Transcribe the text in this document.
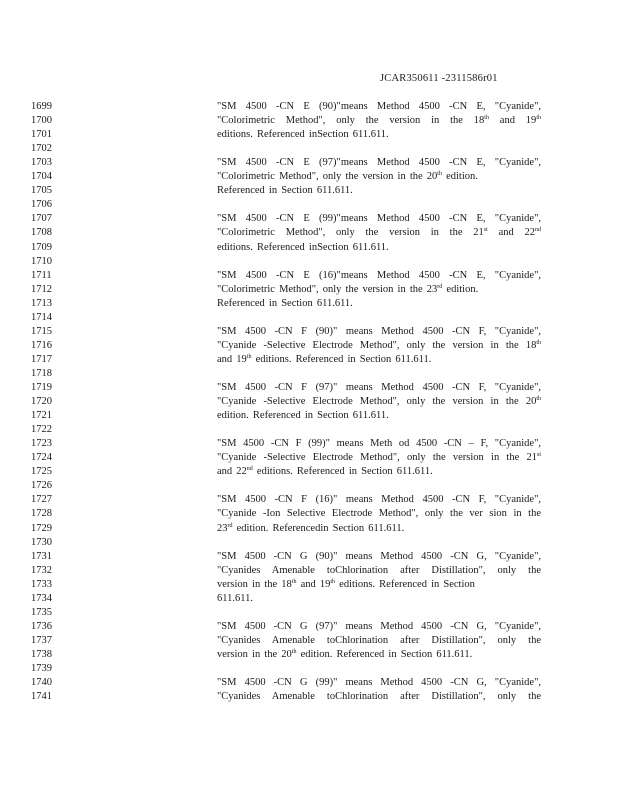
JCAR350611 -2311586r01
1699	"SM 4500 -CN E (90)"means Method 4500 -CN E, "Cyanide",
1700	"Colorimetric Method", only the version in the 18th and 19th
1701	editions. Referenced inSection 611.611.
1702
1703	"SM 4500 -CN E (97)"means Method 4500 -CN E, "Cyanide",
1704	"Colorimetric Method", only the version in the 20th edition.
1705	Referenced in Section 611.611.
1706
1707	"SM 4500 -CN E (99)"means Method 4500 -CN E, "Cyanide",
1708	"Colorimetric Method", only the version in the 21st and 22nd
1709	editions. Referenced inSection 611.611.
1710
1711	"SM 4500 -CN E (16)"means Method 4500 -CN E, "Cyanide",
1712	"Colorimetric Method", only the version in the 23rd edition.
1713	Referenced in Section 611.611.
1714
1715	"SM 4500 -CN F (90)" means Method 4500 -CN F, "Cyanide",
1716	"Cyanide -Selective Electrode Method", only the version in the 18th
1717	and 19th editions. Referenced in Section 611.611.
1718
1719	"SM 4500 -CN F (97)" means Method 4500 -CN F, "Cyanide",
1720	"Cyanide -Selective Electrode Method", only the version in the 20th
1721	edition. Referenced in Section 611.611.
1722
1723	"SM 4500 -CN F (99)" means Meth od 4500 -CN – F, "Cyanide",
1724	"Cyanide -Selective Electrode Method", only the version in the 21st
1725	and 22nd editions. Referenced in Section 611.611.
1726
1727	"SM 4500 -CN F (16)" means Method 4500 -CN F, "Cyanide",
1728	"Cyanide -Ion Selective Electrode Method", only the ver sion in the
1729	23rd edition. Referencedin Section 611.611.
1730
1731	"SM 4500 -CN G (90)" means Method 4500 -CN G, "Cyanide",
1732	"Cyanides Amenable toChlorination after Distillation", only the
1733	version in the 18th and 19th editions. Referenced in Section
1734	611.611.
1735
1736	"SM 4500 -CN G (97)" means Method 4500 -CN G, "Cyanide",
1737	"Cyanides Amenable toChlorination after Distillation", only the
1738	version in the 20th edition. Referenced in Section 611.611.
1739
1740	"SM 4500 -CN G (99)" means Method 4500 -CN G, "Cyanide",
1741	"Cyanides Amenable toChlorination after Distillation", only the
